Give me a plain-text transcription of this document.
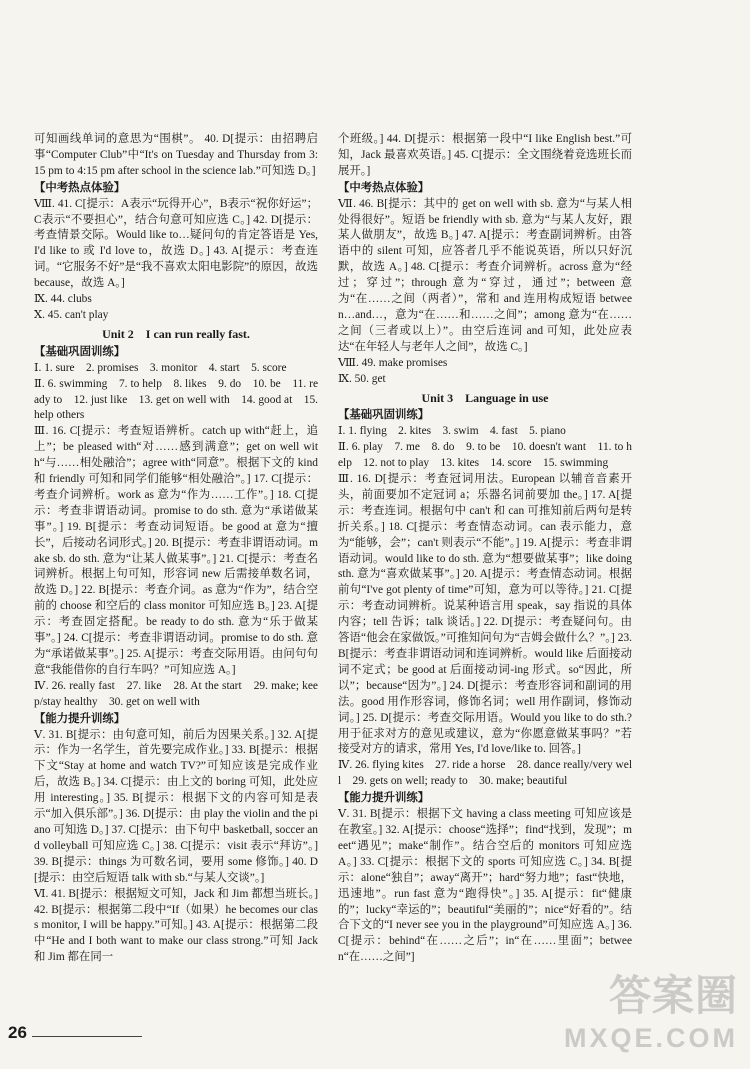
可知画线单词的意思为“围棋”。 40. D[提示：由招聘启事“Computer Club”中“It's on Tuesday and Thursday from 3:15 pm to 4:15 pm after school in the science lab.”可知选 D。]
【中考热点体验】
Ⅷ. 41. C[提示：A表示“玩得开心”，B表示“祝你好运”；C表示“不要担心”，结合句意可知应选 C。] 42. D[提示：考查情景交际。Would like to…疑问句的肯定答语是 Yes, I'd like to 或 I'd love to，故选 D。] 43. A[提示：考查连词。“它服务不好”是“我不喜欢太阳电影院”的原因，故选 because，故选 A。]
Ⅸ. 44. clubs
Ⅹ. 45. can't play
Unit 2　I can run really fast.
【基础巩固训练】
Ⅰ. 1. sure　2. promises　3. monitor　4. start　5. score
Ⅱ. 6. swimming　7. to help　8. likes　9. do　10. be　11. ready to　12. just like　13. get on well with　14. good at　15. help others
Ⅲ. 16. C[提示：考查短语辨析。catch up with“赶上，追上”；be pleased with“对……感到满意”；get on well with“与……相处融洽”；agree with“同意”。根据下文的 kind 和 friendly 可知和同学们能够“相处融洽”。] 17. C[提示：考查介词辨析。work as 意为“作为……工作”。] 18. C[提示：考查非谓语动词。promise to do sth. 意为“承诺做某事”。] 19. B[提示：考查动词短语。be good at 意为“擅长”，后接动名词形式。] 20. B[提示：考查非谓语动词。make sb. do sth. 意为“让某人做某事”。] 21. C[提示：考查名词辨析。根据上句可知，形容词 new 后需接单数名词，故选 D。] 22. B[提示：考查介词。as 意为“作为”，结合空前的 choose 和空后的 class monitor 可知应选 B。] 23. A[提示：考查固定搭配。be ready to do sth. 意为“乐于做某事”。] 24. C[提示：考查非谓语动词。promise to do sth. 意为“承诺做某事”。] 25. A[提示：考查交际用语。由问句句意“我能借你的自行车吗？”可知应选 A。]
Ⅳ. 26. really fast　27. like　28. At the start　29. make; keep/stay healthy　30. get on well with
【能力提升训练】
Ⅴ. 31. B[提示：由句意可知，前后为因果关系。] 32. A[提示：作为一名学生，首先要完成作业。] 33. B[提示：根据下文“Stay at home and watch TV?”可知应该是完成作业后，故选 B。] 34. C[提示：由上文的 boring 可知，此处应用 interesting。] 35. B[提示：根据下文的内容可知是表示“加入俱乐部”。] 36. D[提示：由 play the violin and the piano 可知选 D。] 37. C[提示：由下句中 basketball, soccer and volleyball 可知应选 C。] 38. C[提示：visit 表示“拜访”。] 39. B[提示：things 为可数名词，要用 some 修饰。] 40. D[提示：由空后短语 talk with sb.“与某人交谈”。]
Ⅵ. 41. B[提示：根据短文可知，Jack 和 Jim 都想当班长。] 42. B[提示：根据第二段中“If（如果）he becomes our class monitor, I will be happy.”可知。] 43. A[提示：根据第二段中“He and I both want to make our class strong.”可知 Jack 和 Jim 都在同一
个班级。] 44. D[提示：根据第一段中“I like English best.”可知，Jack 最喜欢英语。] 45. C[提示：全文围绕着竞选班长而展开。]
【中考热点体验】
Ⅶ. 46. B[提示：其中的 get on well with sb. 意为“与某人相处得很好”。短语 be friendly with sb. 意为“与某人友好，跟某人做朋友”，故选 B。] 47. A[提示：考查副词辨析。由答语中的 silent 可知，应答者几乎不能说英语，所以只好沉默，故选 A。] 48. C[提示：考查介词辨析。across 意为“经过；穿过”；through 意为“穿过，通过”；between 意为“在……之间（两者）”，常和 and 连用构成短语 between…and…，意为“在……和……之间”；among 意为“在……之间（三者或以上）”。由空后连词 and 可知，此处应表达“在年轻人与老年人之间”，故选 C。]
Ⅷ. 49. make promises
Ⅸ. 50. get
Unit 3　Language in use
【基础巩固训练】
Ⅰ. 1. flying　2. kites　3. swim　4. fast　5. piano
Ⅱ. 6. play　7. me　8. do　9. to be　10. doesn't want　11. to help　12. not to play　13. kites　14. score　15. swimming
Ⅲ. 16. D[提示：考查冠词用法。European 以辅音音素开头，前面要加不定冠词 a；乐器名词前要加 the。] 17. A[提示：考查连词。根据句中 can't 和 can 可推知前后两句是转折关系。] 18. C[提示：考查情态动词。can 表示能力，意为“能够，会”；can't 则表示“不能”。] 19. A[提示：考查非谓语动词。would like to do sth. 意为“想要做某事”；like doing sth. 意为“喜欢做某事”。] 20. A[提示：考查情态动词。根据前句“I've got plenty of time”可知，意为可以等待。] 21. C[提示：考查动词辨析。说某种语言用 speak，say 指说的具体内容；tell 告诉；talk 谈话。] 22. D[提示：考查疑问句。由答语“他会在家做饭。”可推知问句为“吉姆会做什么？”。] 23. B[提示：考查非谓语动词和连词辨析。would like 后面接动词不定式；be good at 后面接动词-ing 形式。so“因此，所以”；because“因为”。] 24. D[提示：考查形容词和副词的用法。good 用作形容词，修饰名词；well 用作副词，修饰动词。] 25. D[提示：考查交际用语。Would you like to do sth.? 用于征求对方的意见或建议，意为“你愿意做某事吗？”若接受对方的请求，常用 Yes, I'd love/like to. 回答。]
Ⅳ. 26. flying kites　27. ride a horse　28. dance really/very well　29. gets on well; ready to　30. make; beautiful
【能力提升训练】
Ⅴ. 31. B[提示：根据下文 having a class meeting 可知应该是在教室。] 32. A[提示：choose“选择”；find“找到，发现”；meet“遇见”；make“制作”。结合空后的 monitors 可知应选 A。] 33. C[提示：根据下文的 sports 可知应选 C。] 34. B[提示：alone“独自”；away“离开”；hard“努力地”；fast“快地，迅速地”。run fast 意为“跑得快”。] 35. A[提示：fit“健康的”；lucky“幸运的”；beautiful“美丽的”；nice“好看的”。结合下文的“I never see you in the playground”可知应选 A。] 36. C[提示：behind“在……之后”；in“在……里面”；between“在……之间”]
26
答案圈
MXQE.COM
